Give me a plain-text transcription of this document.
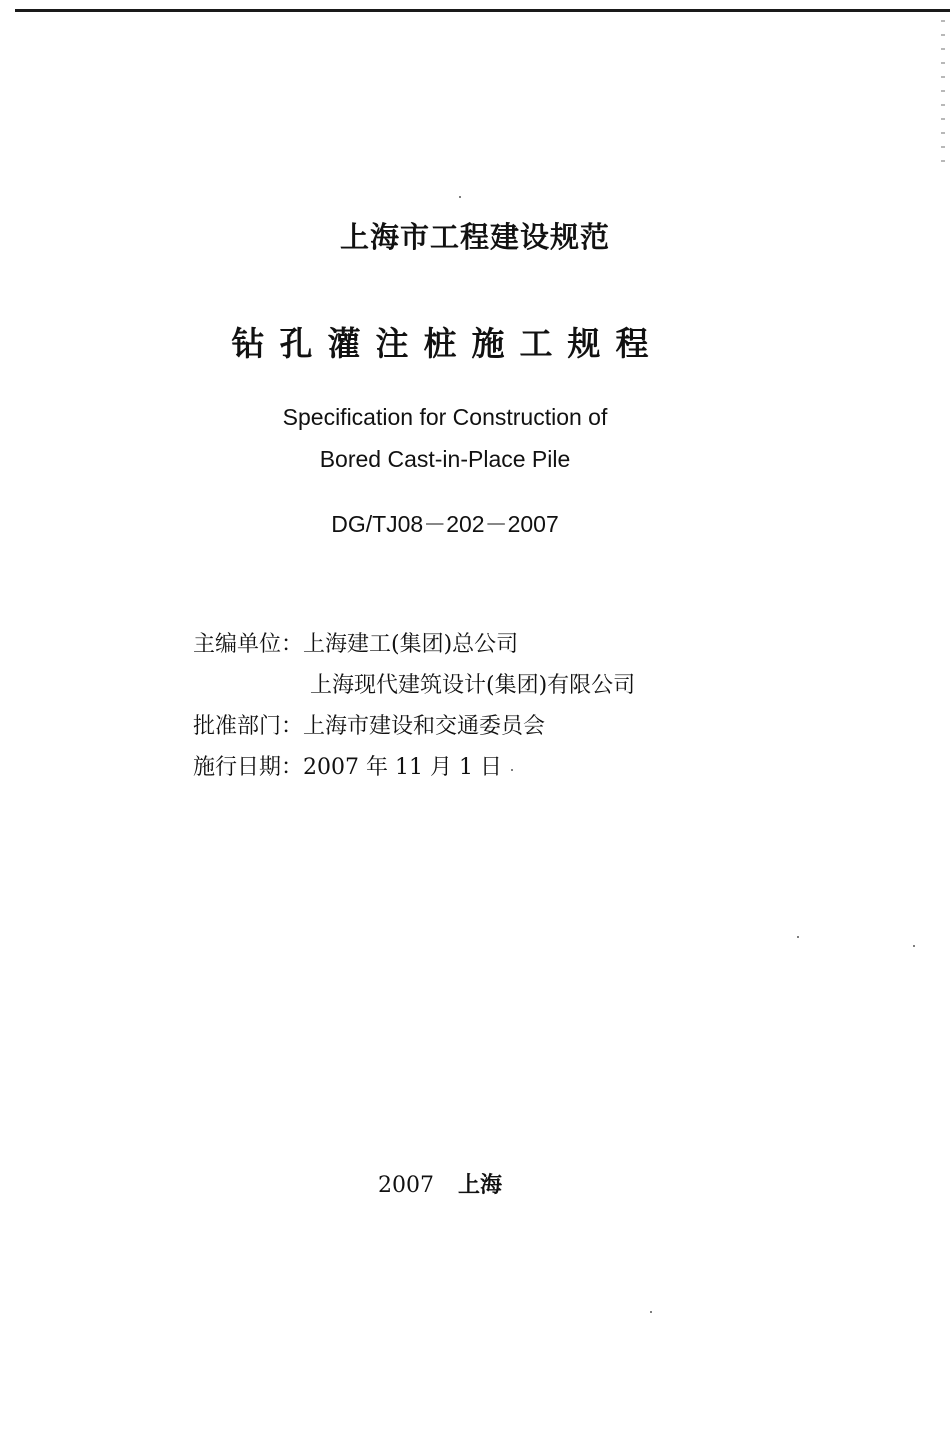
上海市工程建设规范
钻孔灌注桩施工规程
Specification for Construction of
Bored Cast-in-Place Pile
DG/TJ08－202－2007
主编单位：上海建工(集团)总公司
上海现代建筑设计(集团)有限公司
批准部门：上海市建设和交通委员会
施行日期：2007 年 11 月 1 日
2007 上海
